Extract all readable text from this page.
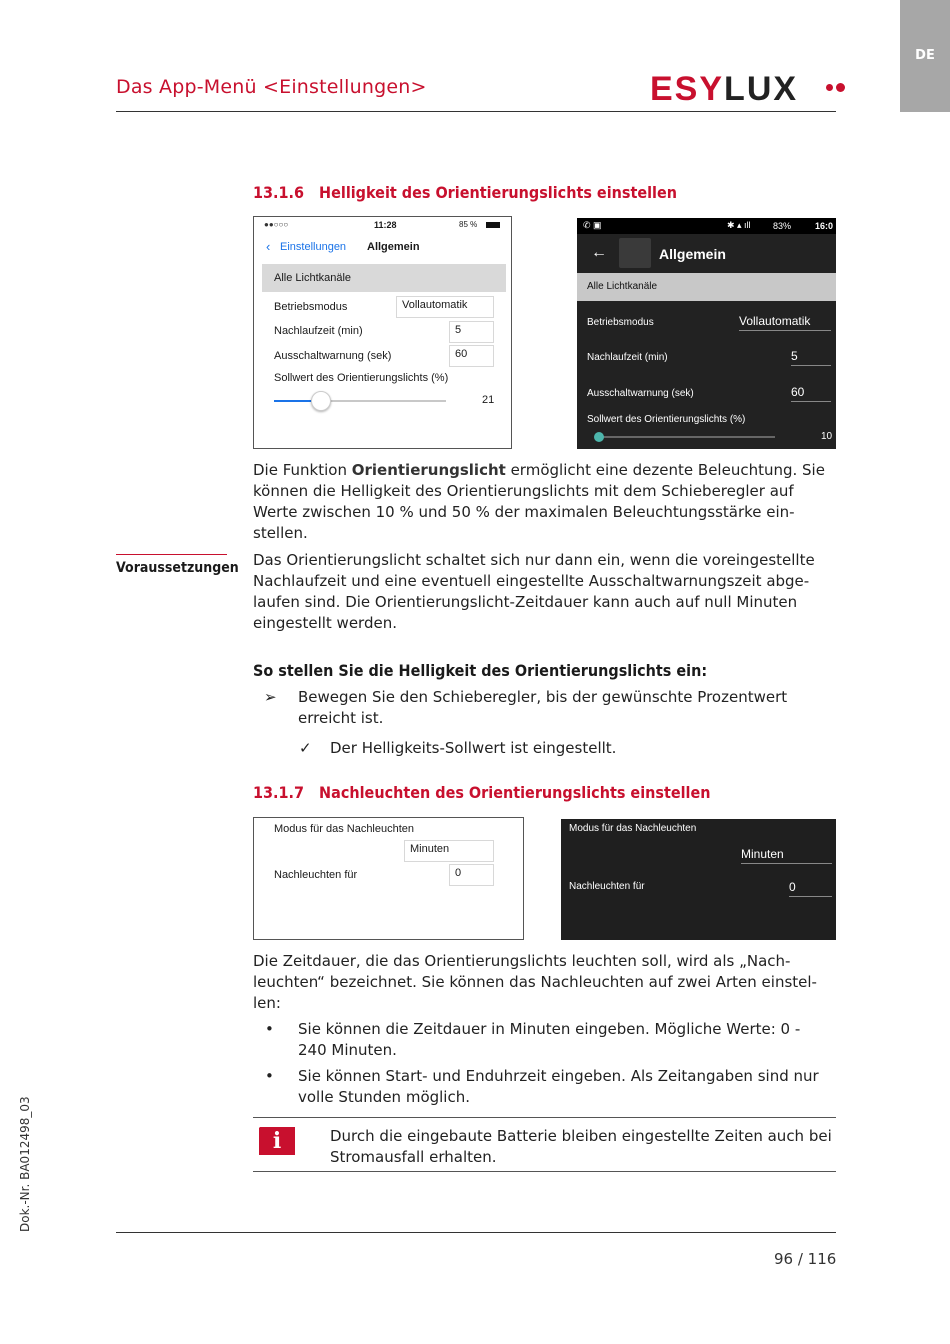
DE
Das App-Menü <Einstellungen>	ESYLUX
13.1.6   Helligkeit des Orientierungslichts einstellen
●●○○○	11:28	85 %
‹ Einstellungen Allgemein
Alle Lichtkanäle
Betriebsmodus	Vollautomatik
Nachlaufzeit (min)	5
Ausschaltwarnung (sek)	60
Sollwert des Orientierungslichts (%)
21
✆ ▣	✱ ▴ ıll 83%	16:0
←	Allgemein
Alle Lichtkanäle
Betriebsmodus	Vollautomatik
Nachlaufzeit (min)	5
Ausschaltwarnung (sek)	60
Sollwert des Orientierungslichts (%)
10
Die Funktion Orientierungslicht ermöglicht eine dezente Beleuchtung. Sie können die Helligkeit des Orientierungslichts mit dem Schieberegler auf Werte zwischen 10 % und 50 % der maximalen Beleuchtungsstärke ein-stellen.
Voraussetzungen Das Orientierungslicht schaltet sich nur dann ein, wenn die voreingestellte Nachlaufzeit und eine eventuell eingestellte Ausschaltwarnungszeit abge-laufen sind. Die Orientierungslicht-Zeitdauer kann auch auf null Minuten eingestellt werden.
So stellen Sie die Helligkeit des Orientierungslichts ein:
➢ Bewegen Sie den Schieberegler, bis der gewünschte Prozentwert erreicht ist.
✓ Der Helligkeits-Sollwert ist eingestellt.
13.1.7   Nachleuchten des Orientierungslichts einstellen
Modus für das Nachleuchten
Minuten
Nachleuchten für	0
Modus für das Nachleuchten
Minuten
Nachleuchten für	0
Die Zeitdauer, die das Orientierungslichts leuchten soll, wird als „Nach-leuchten“ bezeichnet. Sie können das Nachleuchten auf zwei Arten einstel-len:
• Sie können die Zeitdauer in Minuten eingeben. Mögliche Werte: 0 - 240 Minuten.
• Sie können Start- und Enduhrzeit eingeben. Als Zeitangaben sind nur volle Stunden möglich.
i	Durch die eingebaute Batterie bleiben eingestellte Zeiten auch bei Stromausfall erhalten.
Dok.-Nr. BA012498_03
96 / 116
